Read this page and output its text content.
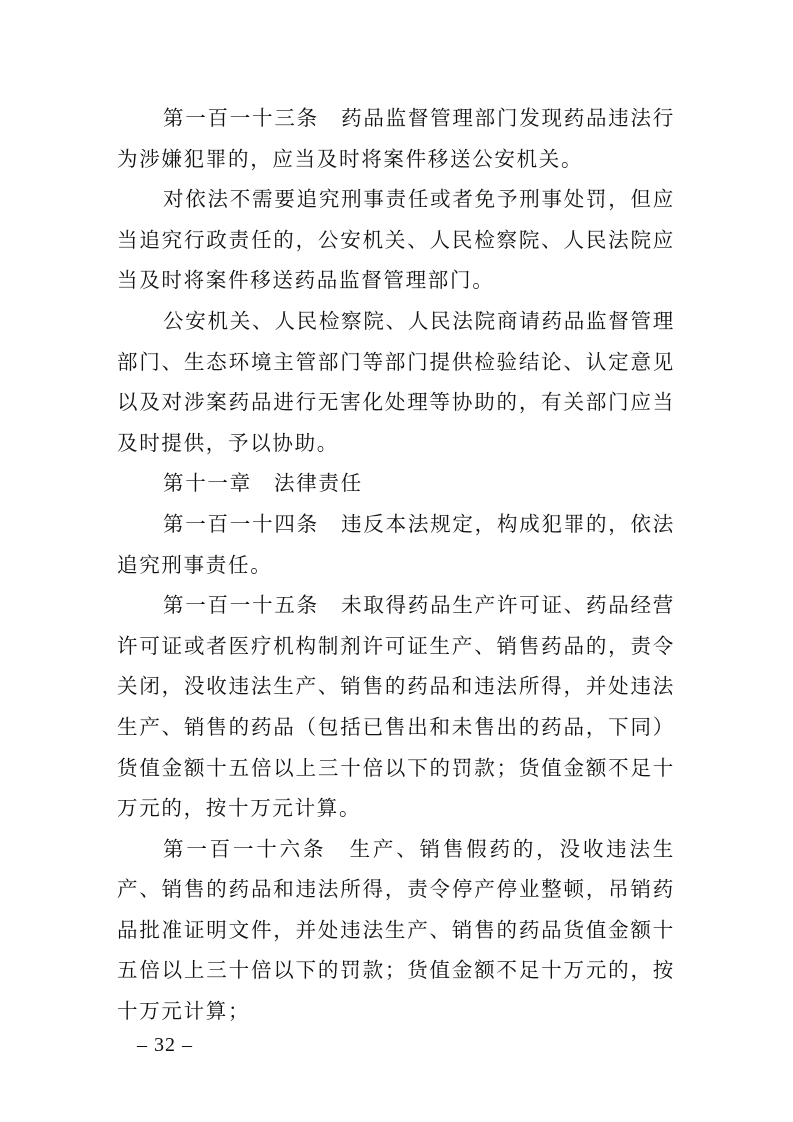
第一百一十三条　药品监督管理部门发现药品违法行为涉嫌犯罪的，应当及时将案件移送公安机关。

对依法不需要追究刑事责任或者免予刑事处罚，但应当追究行政责任的，公安机关、人民检察院、人民法院应当及时将案件移送药品监督管理部门。

公安机关、人民检察院、人民法院商请药品监督管理部门、生态环境主管部门等部门提供检验结论、认定意见以及对涉案药品进行无害化处理等协助的，有关部门应当及时提供，予以协助。

第十一章　法律责任

第一百一十四条　违反本法规定，构成犯罪的，依法追究刑事责任。

第一百一十五条　未取得药品生产许可证、药品经营许可证或者医疗机构制剂许可证生产、销售药品的，责令关闭，没收违法生产、销售的药品和违法所得，并处违法生产、销售的药品（包括已售出和未售出的药品，下同）货值金额十五倍以上三十倍以下的罚款；货值金额不足十万元的，按十万元计算。

第一百一十六条　生产、销售假药的，没收违法生产、销售的药品和违法所得，责令停产停业整顿，吊销药品批准证明文件，并处违法生产、销售的药品货值金额十五倍以上三十倍以下的罚款；货值金额不足十万元的，按十万元计算；

– 32 –
